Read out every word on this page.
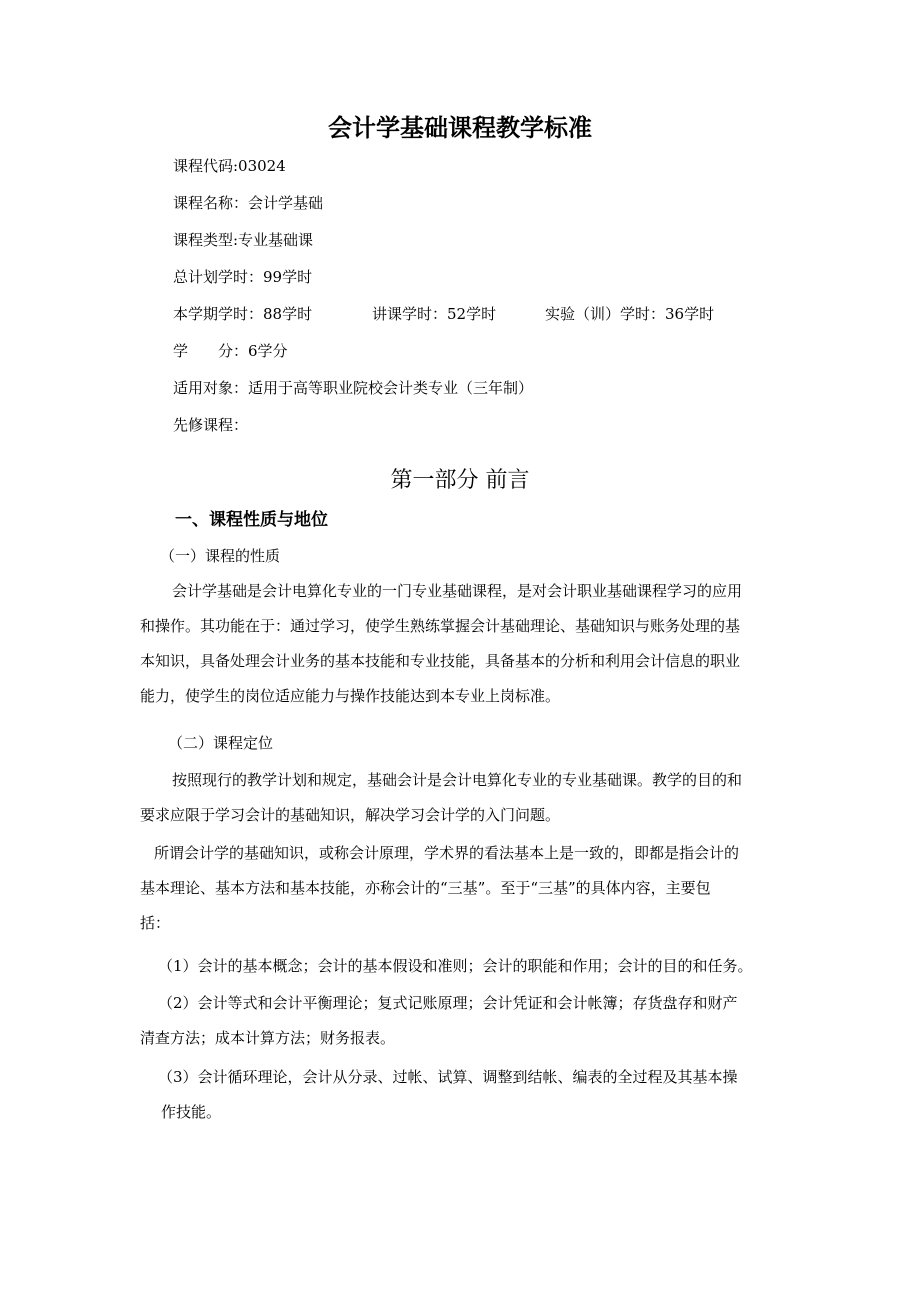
会计学基础课程教学标准
课程代码:03024
课程名称：会计学基础
课程类型:专业基础课
总计划学时：99学时
本学期学时：88学时	讲课学时：52学时	实验（训）学时：36学时
学　　分：6学分
适用对象：适用于高等职业院校会计类专业（三年制）
先修课程：
第一部分 前言
一、课程性质与地位
（一）课程的性质
会计学基础是会计电算化专业的一门专业基础课程，是对会计职业基础课程学习的应用
和操作。其功能在于：通过学习，使学生熟练掌握会计基础理论、基础知识与账务处理的基
本知识，具备处理会计业务的基本技能和专业技能，具备基本的分析和利用会计信息的职业
能力，使学生的岗位适应能力与操作技能达到本专业上岗标准。
（二）课程定位
按照现行的教学计划和规定，基础会计是会计电算化专业的专业基础课。教学的目的和
要求应限于学习会计的基础知识，解决学习会计学的入门问题。
所谓会计学的基础知识，或称会计原理，学术界的看法基本上是一致的，即都是指会计的
基本理论、基本方法和基本技能，亦称会计的“三基”。至于“三基”的具体内容，主要包
括：
（1）会计的基本概念；会计的基本假设和准则；会计的职能和作用；会计的目的和任务。
（2）会计等式和会计平衡理论；复式记账原理；会计凭证和会计帐簿；存货盘存和财产
清查方法；成本计算方法；财务报表。
（3）会计循环理论，会计从分录、过帐、试算、调整到结帐、编表的全过程及其基本操
作技能。
